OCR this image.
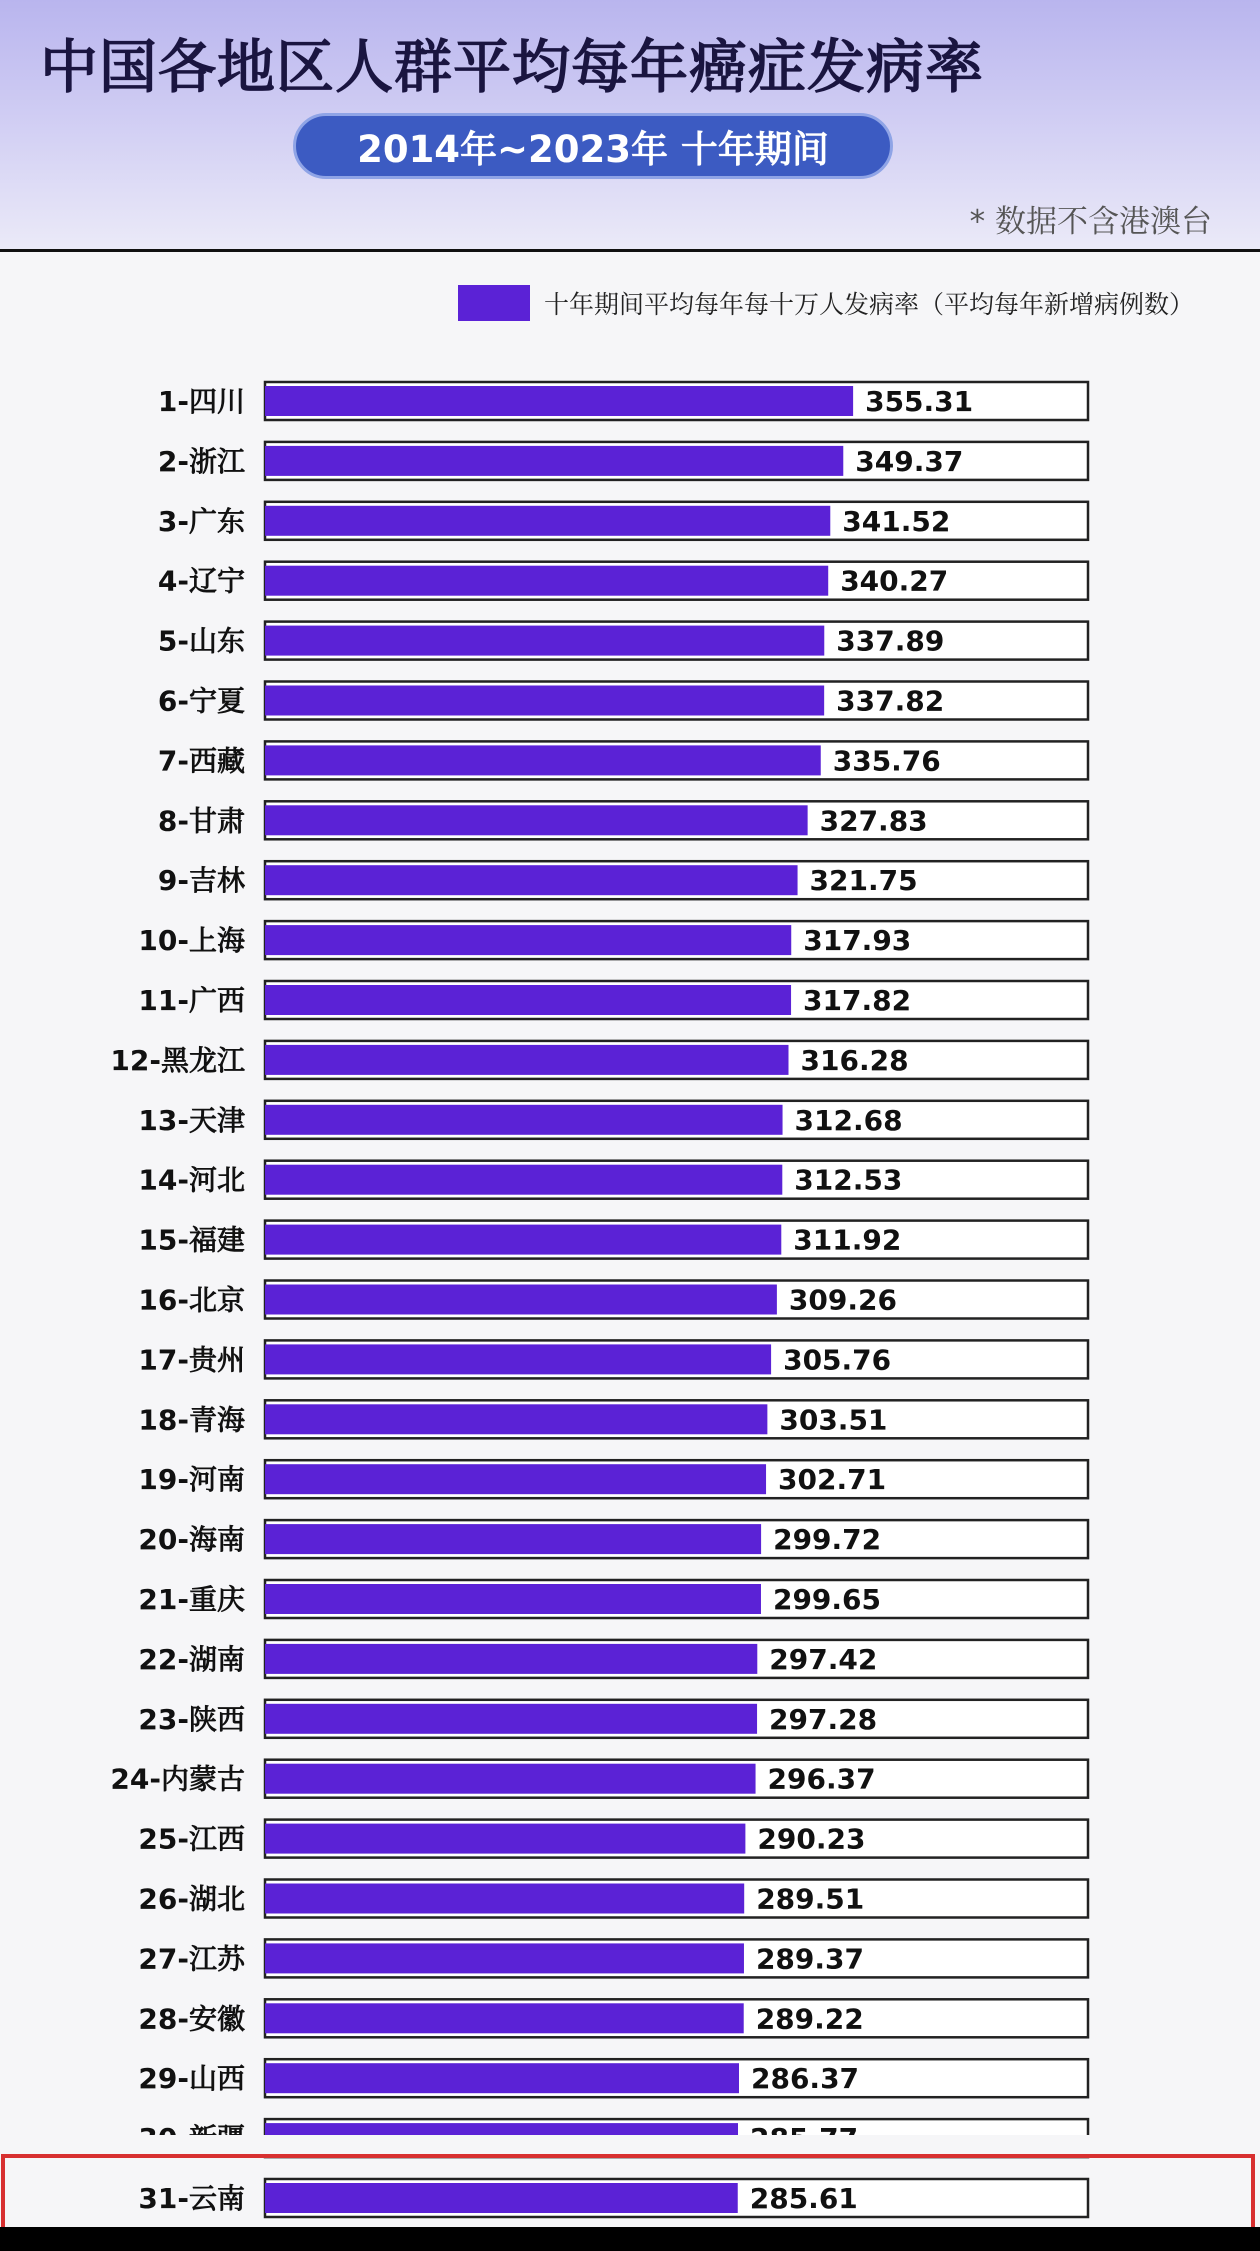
中国各地区人群平均每年癌症发病率
2014年~2023年 十年期间
* 数据不含港澳台
十年期间平均每年每十万人发病率（平均每年新增病例数）
1-四川	355.31
2-浙江	349.37
3-广东	341.52
4-辽宁	340.27
5-山东	337.89
6-宁夏	337.82
7-西藏	335.76
8-甘肃	327.83
9-吉林	321.75
10-上海	317.93
11-广西	317.82
12-黑龙江	316.28
13-天津	312.68
14-河北	312.53
15-福建	311.92
16-北京	309.26
17-贵州	305.76
18-青海	303.51
19-河南	302.71
20-海南	299.72
21-重庆	299.65
22-湖南	297.42
23-陕西	297.28
24-内蒙古	296.37
25-江西	290.23
26-湖北	289.51
27-江苏	289.37
28-安徽	289.22
29-山西	286.37
31-云南	285.61
